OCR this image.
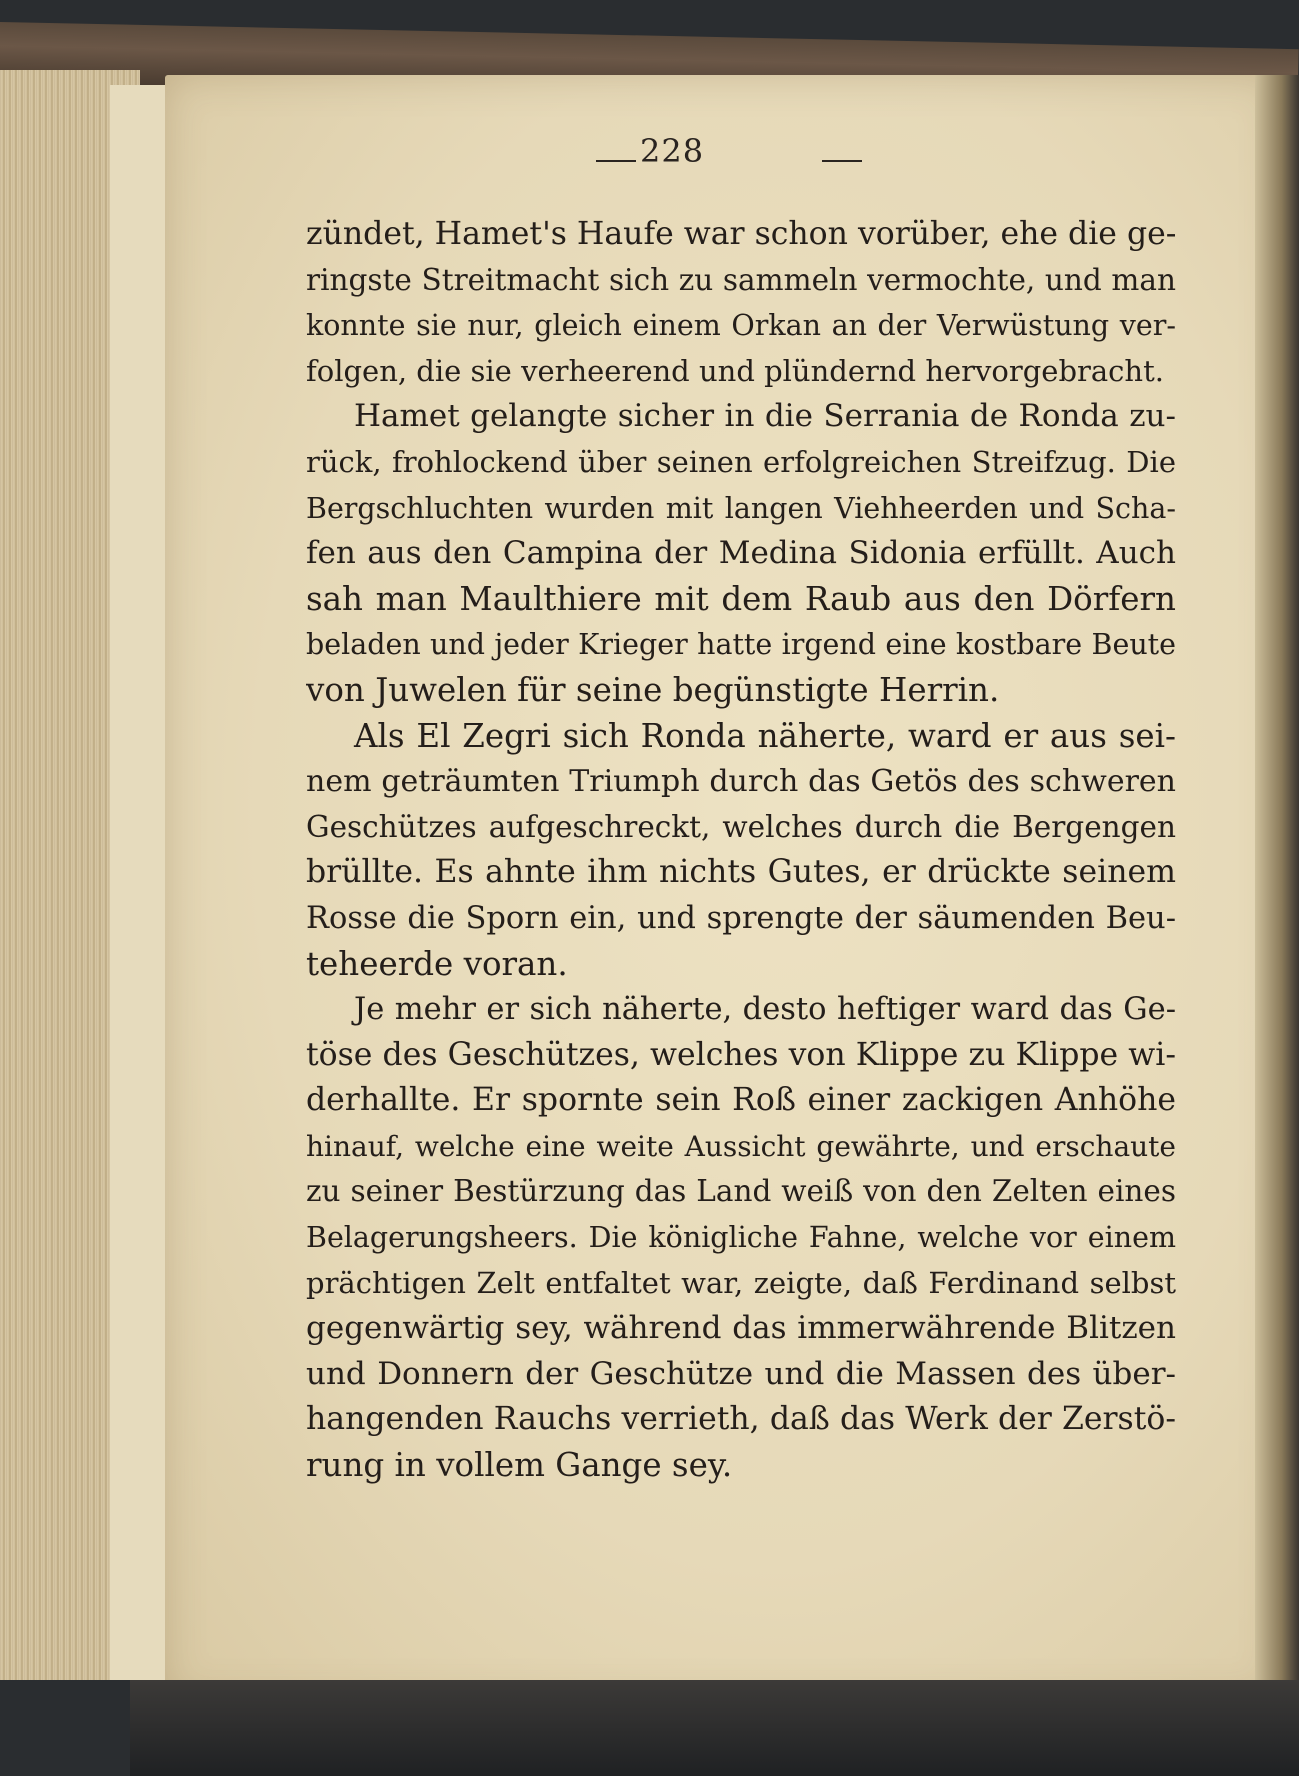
228
zündet, Hamet's Haufe war schon vorüber, ehe die ge-
ringste Streitmacht sich zu sammeln vermochte, und man
konnte sie nur, gleich einem Orkan an der Verwüstung ver-
folgen, die sie verheerend und plündernd hervorgebracht.
Hamet gelangte sicher in die Serrania de Ronda zu-
rück, frohlockend über seinen erfolgreichen Streifzug. Die
Bergschluchten wurden mit langen Viehheerden und Scha-
fen aus den Campina der Medina Sidonia erfüllt. Auch
sah man Maulthiere mit dem Raub aus den Dörfern
beladen und jeder Krieger hatte irgend eine kostbare Beute
von Juwelen für seine begünstigte Herrin.
Als El Zegri sich Ronda näherte, ward er aus sei-
nem geträumten Triumph durch das Getös des schweren
Geschützes aufgeschreckt, welches durch die Bergengen
brüllte. Es ahnte ihm nichts Gutes, er drückte seinem
Rosse die Sporn ein, und sprengte der säumenden Beu-
teheerde voran.
Je mehr er sich näherte, desto heftiger ward das Ge-
töse des Geschützes, welches von Klippe zu Klippe wi-
derhallte. Er spornte sein Roß einer zackigen Anhöhe
hinauf, welche eine weite Aussicht gewährte, und erschaute
zu seiner Bestürzung das Land weiß von den Zelten eines
Belagerungsheers. Die königliche Fahne, welche vor einem
prächtigen Zelt entfaltet war, zeigte, daß Ferdinand selbst
gegenwärtig sey, während das immerwährende Blitzen
und Donnern der Geschütze und die Massen des über-
hangenden Rauchs verrieth, daß das Werk der Zerstö-
rung in vollem Gange sey.
